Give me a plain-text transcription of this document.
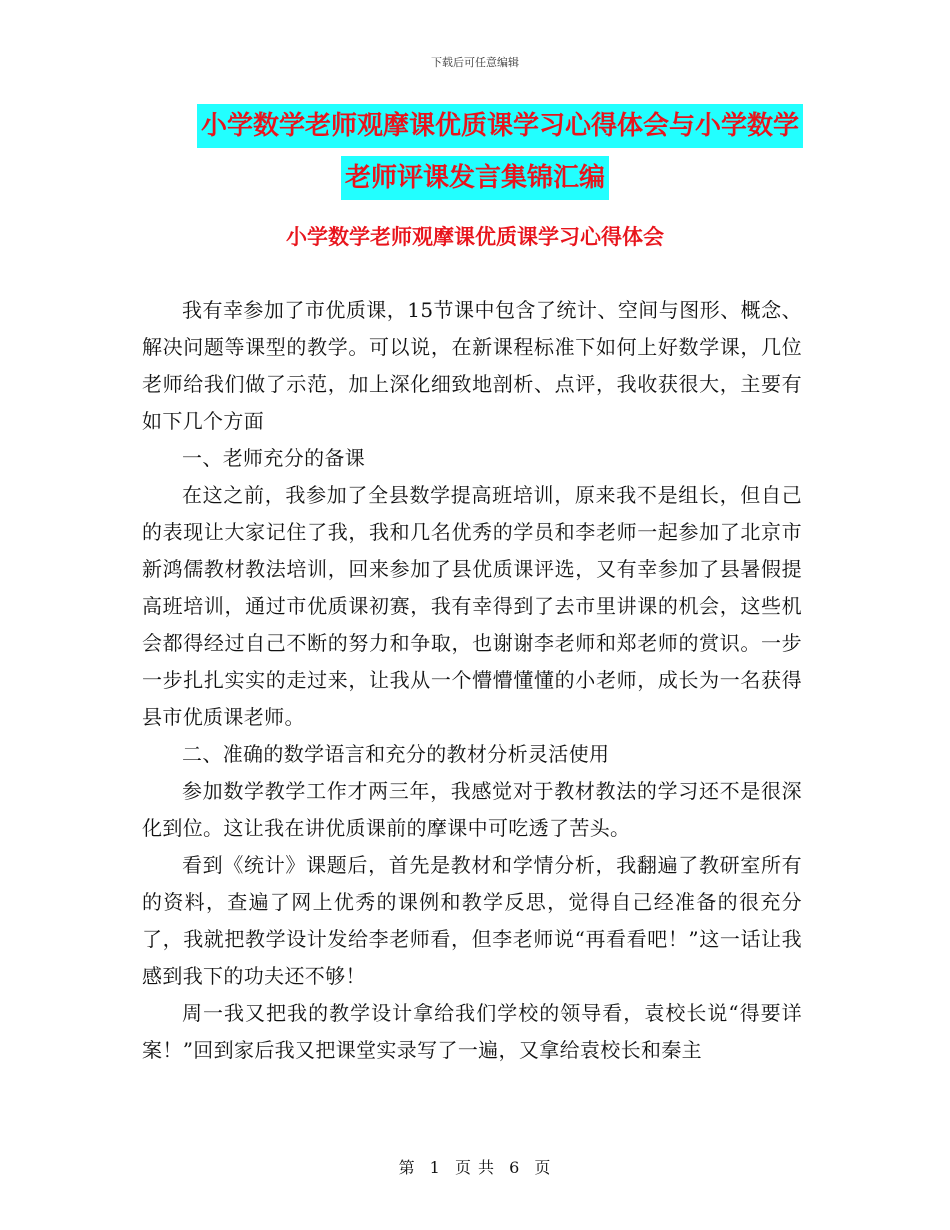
下载后可任意编辑
小学数学老师观摩课优质课学习心得体会与小学数学
老师评课发言集锦汇编
小学数学老师观摩课优质课学习心得体会

我有幸参加了市优质课，15节课中包含了统计、空间与图形、概念、解决问题等课型的教学。可以说，在新课程标准下如何上好数学课，几位老师给我们做了示范，加上深化细致地剖析、点评，我收获很大，主要有如下几个方面

一、老师充分的备课

在这之前，我参加了全县数学提高班培训，原来我不是组长，但自己的表现让大家记住了我，我和几名优秀的学员和李老师一起参加了北京市新鸿儒教材教法培训，回来参加了县优质课评选，又有幸参加了县暑假提高班培训，通过市优质课初赛，我有幸得到了去市里讲课的机会，这些机会都得经过自己不断的努力和争取，也谢谢李老师和郑老师的赏识。一步一步扎扎实实的走过来，让我从一个懵懵懂懂的小老师，成长为一名获得县市优质课老师。

二、准确的数学语言和充分的教材分析灵活使用

参加数学教学工作才两三年，我感觉对于教材教法的学习还不是很深化到位。这让我在讲优质课前的摩课中可吃透了苦头。

看到《统计》课题后，首先是教材和学情分析，我翻遍了教研室所有的资料，查遍了网上优秀的课例和教学反思，觉得自己经准备的很充分了，我就把教学设计发给李老师看，但李老师说“再看看吧！”这一话让我感到我下的功夫还不够！

周一我又把我的教学设计拿给我们学校的领导看，袁校长说“得要详案！”回到家后我又把课堂实录写了一遍，又拿给袁校长和秦主

第 1 页 共 6 页
